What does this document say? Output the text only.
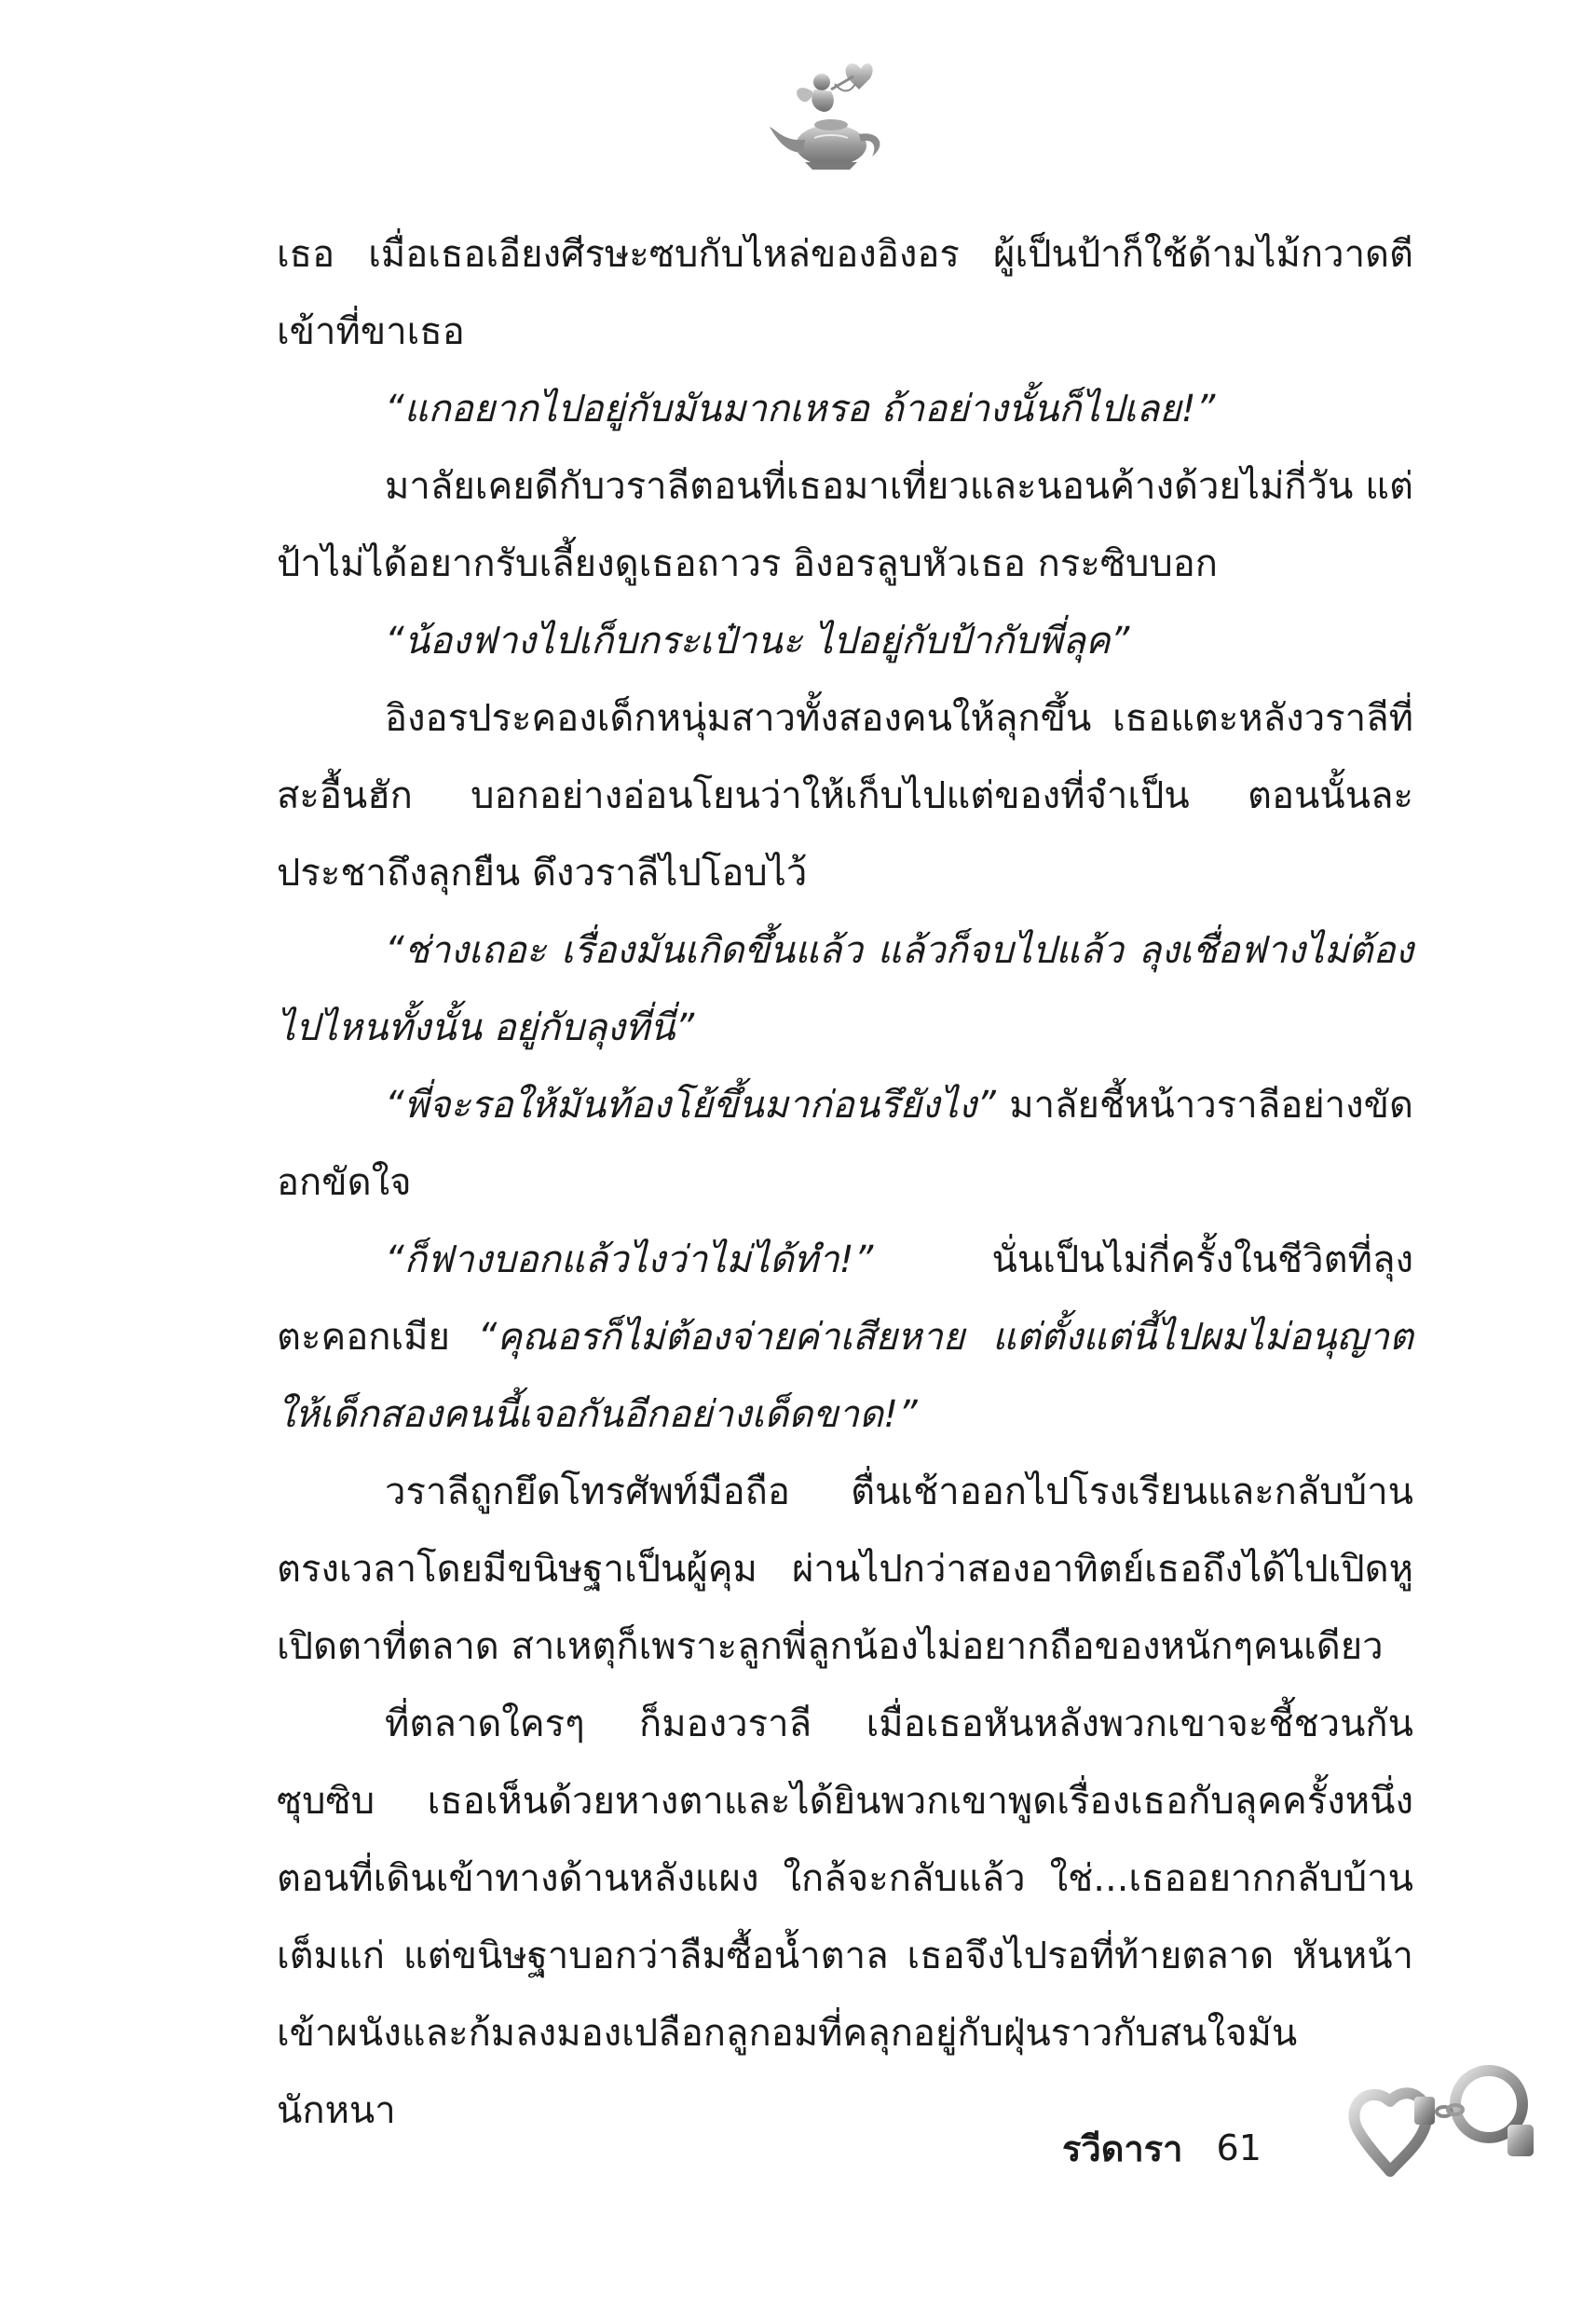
เธอ เมื่อเธอเอียงศีรษะซบกับไหล่ของอิงอร ผู้เป็นป้าก็ใช้ด้ามไม้กวาดตีเข้าที่ขาเธอ

“แกอยากไปอยู่กับมันมากเหรอ ถ้าอย่างนั้นก็ไปเลย!”

มาลัยเคยดีกับวราลีตอนที่เธอมาเที่ยวและนอนค้างด้วยไม่กี่วัน แต่ป้าไม่ได้อยากรับเลี้ยงดูเธอถาวร อิงอรลูบหัวเธอ กระซิบบอก

“น้องฟางไปเก็บกระเป๋านะ ไปอยู่กับป้ากับพี่ลุค”

อิงอรประคองเด็กหนุ่มสาวทั้งสองคนให้ลุกขึ้น เธอแตะหลังวราลีที่สะอื้นฮัก บอกอย่างอ่อนโยนว่าให้เก็บไปแต่ของที่จำเป็น ตอนนั้นละประชาถึงลุกยืน ดึงวราลีไปโอบไว้

“ช่างเถอะ เรื่องมันเกิดขึ้นแล้ว แล้วก็จบไปแล้ว ลุงเชื่อฟางไม่ต้องไปไหนทั้งนั้น อยู่กับลุงที่นี่”

“พี่จะรอให้มันท้องโย้ขึ้นมาก่อนรึยังไง” มาลัยชี้หน้าวราลีอย่างขัดอกขัดใจ

“ก็ฟางบอกแล้วไงว่าไม่ได้ทำ!” นั่นเป็นไม่กี่ครั้งในชีวิตที่ลุงตะคอกเมีย “คุณอรก็ไม่ต้องจ่ายค่าเสียหาย แต่ตั้งแต่นี้ไปผมไม่อนุญาตให้เด็กสองคนนี้เจอกันอีกอย่างเด็ดขาด!”

วราลีถูกยึดโทรศัพท์มือถือ ตื่นเช้าออกไปโรงเรียนและกลับบ้านตรงเวลาโดยมีขนิษฐาเป็นผู้คุม ผ่านไปกว่าสองอาทิตย์เธอถึงได้ไปเปิดหูเปิดตาที่ตลาด สาเหตุก็เพราะลูกพี่ลูกน้องไม่อยากถือของหนักๆคนเดียว

ที่ตลาดใครๆ ก็มองวราลี เมื่อเธอหันหลังพวกเขาจะชี้ชวนกันซุบซิบ เธอเห็นด้วยหางตาและได้ยินพวกเขาพูดเรื่องเธอกับลุคครั้งหนึ่งตอนที่เดินเข้าทางด้านหลังแผง ใกล้จะกลับแล้ว ใช่...เธออยากกลับบ้านเต็มแก่ แต่ขนิษฐาบอกว่าลืมซื้อน้ำตาล เธอจึงไปรอที่ท้ายตลาด หันหน้าเข้าผนังและก้มลงมองเปลือกลูกอมที่คลุกอยู่กับฝุ่นราวกับสนใจมันนักหนา

รวีดารา 61
